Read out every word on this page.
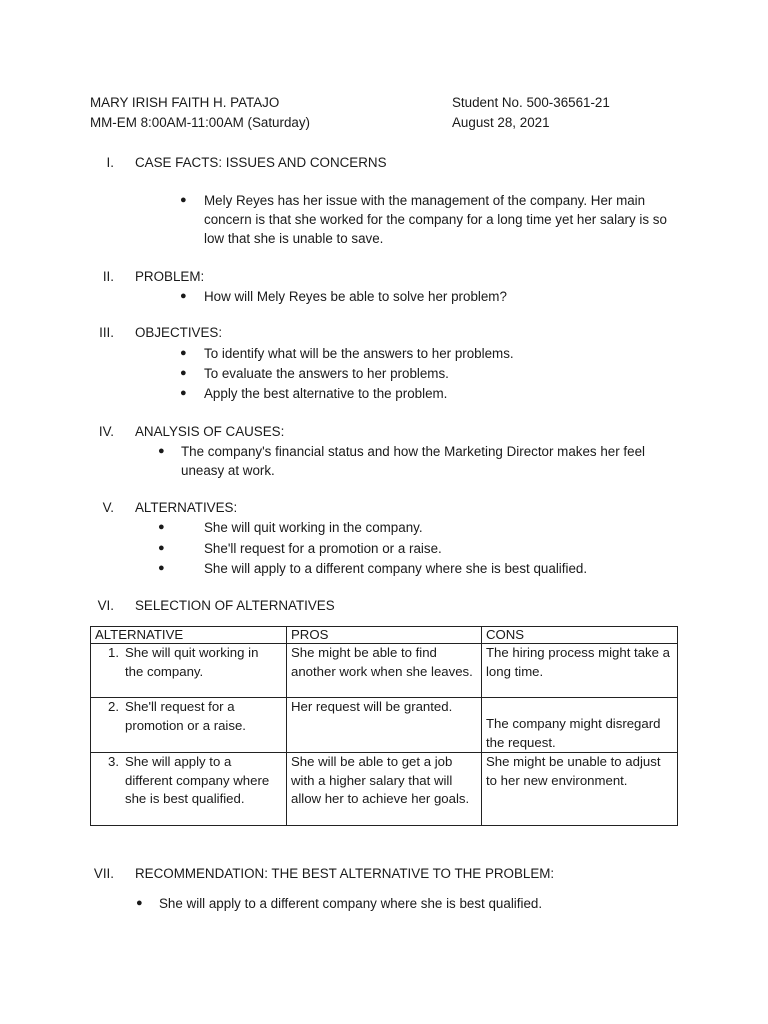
MARY IRISH FAITH H. PATAJO
MM-EM 8:00AM-11:00AM (Saturday)
Student No. 500-36561-21
August 28, 2021
I. CASE FACTS: ISSUES AND CONCERNS
●
Mely Reyes has her issue with the management of the company. Her main concern is that she worked for the company for a long time yet her salary is so low that she is unable to save.
II. PROBLEM:
●
How will Mely Reyes be able to solve her problem?
III. OBJECTIVES:
●
To identify what will be the answers to her problems.
●
To evaluate the answers to her problems.
●
Apply the best alternative to the problem.
IV. ANALYSIS OF CAUSES:
●
The company's financial status and how the Marketing Director makes her feel uneasy at work.
V. ALTERNATIVES:
●
She will quit working in the company.
●
She'll request for a promotion or a raise.
●
She will apply to a different company where she is best qualified.
VI. SELECTION OF ALTERNATIVES
ALTERNATIVE	PROS	CONS
1. She will quit working in the company.	She might be able to find another work when she leaves.	The hiring process might take a long time.
2. She'll request for a promotion or a raise.	Her request will be granted.	The company might disregard the request.
3. She will apply to a different company where she is best qualified.	She will be able to get a job with a higher salary that will allow her to achieve her goals.	She might be unable to adjust to her new environment.
VII. RECOMMENDATION: THE BEST ALTERNATIVE TO THE PROBLEM:
●
She will apply to a different company where she is best qualified.
